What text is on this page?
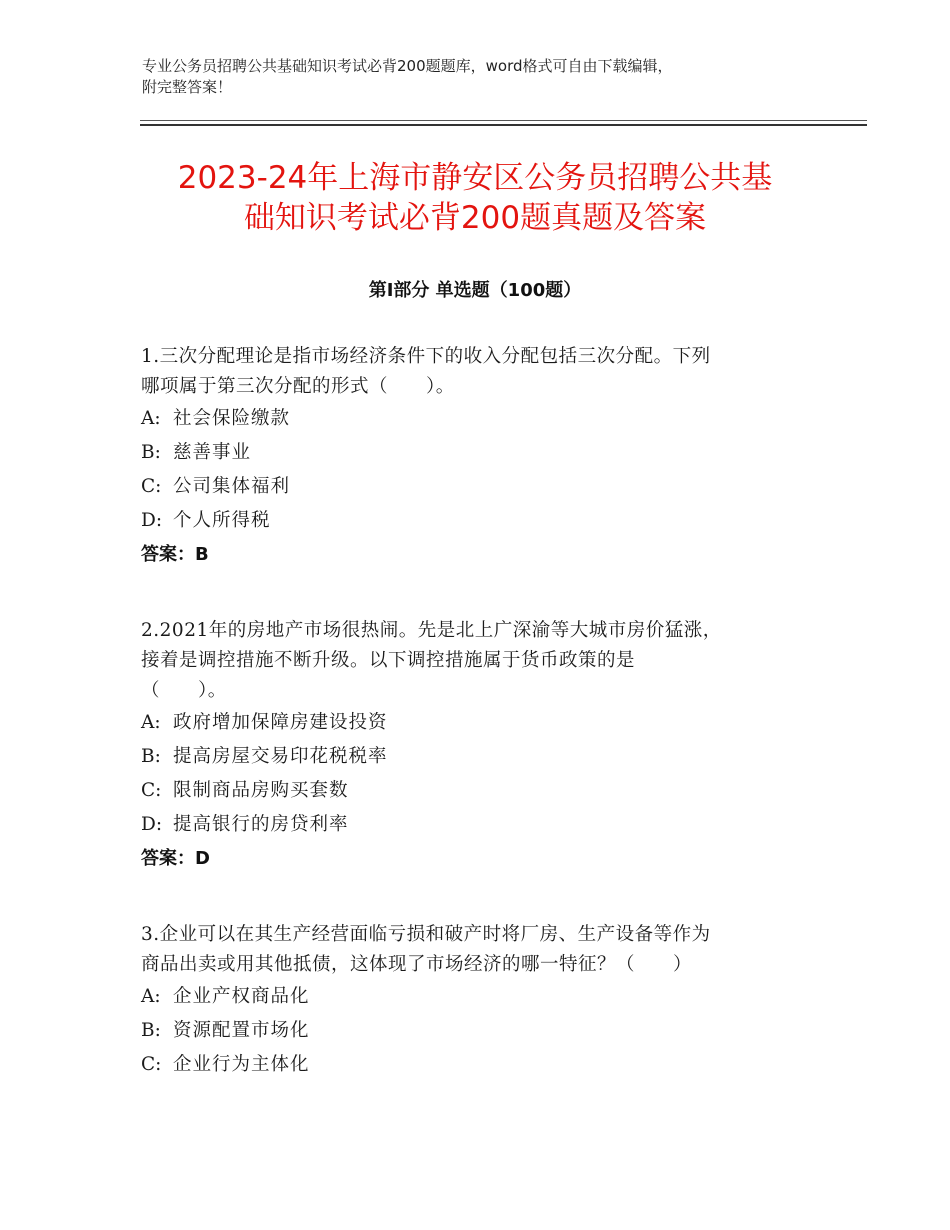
专业公务员招聘公共基础知识考试必背200题题库，word格式可自由下载编辑，
附完整答案！
2023-24年上海市静安区公务员招聘公共基
础知识考试必背200题真题及答案
第Ⅰ部分 单选题（100题）

1.三次分配理论是指市场经济条件下的收入分配包括三次分配。下列
哪项属于第三次分配的形式（　　）。

A: 社会保险缴款
B: 慈善事业
C: 公司集体福利
D: 个人所得税
答案：B

2.2021年的房地产市场很热闹。先是北上广深渝等大城市房价猛涨，
接着是调控措施不断升级。以下调控措施属于货币政策的是
（　　）。

A: 政府增加保障房建设投资
B: 提高房屋交易印花税税率
C: 限制商品房购买套数
D: 提高银行的房贷利率
答案：D

3.企业可以在其生产经营面临亏损和破产时将厂房、生产设备等作为
商品出卖或用其他抵债，这体现了市场经济的哪一特征？（　　）

A: 企业产权商品化
B: 资源配置市场化
C: 企业行为主体化
